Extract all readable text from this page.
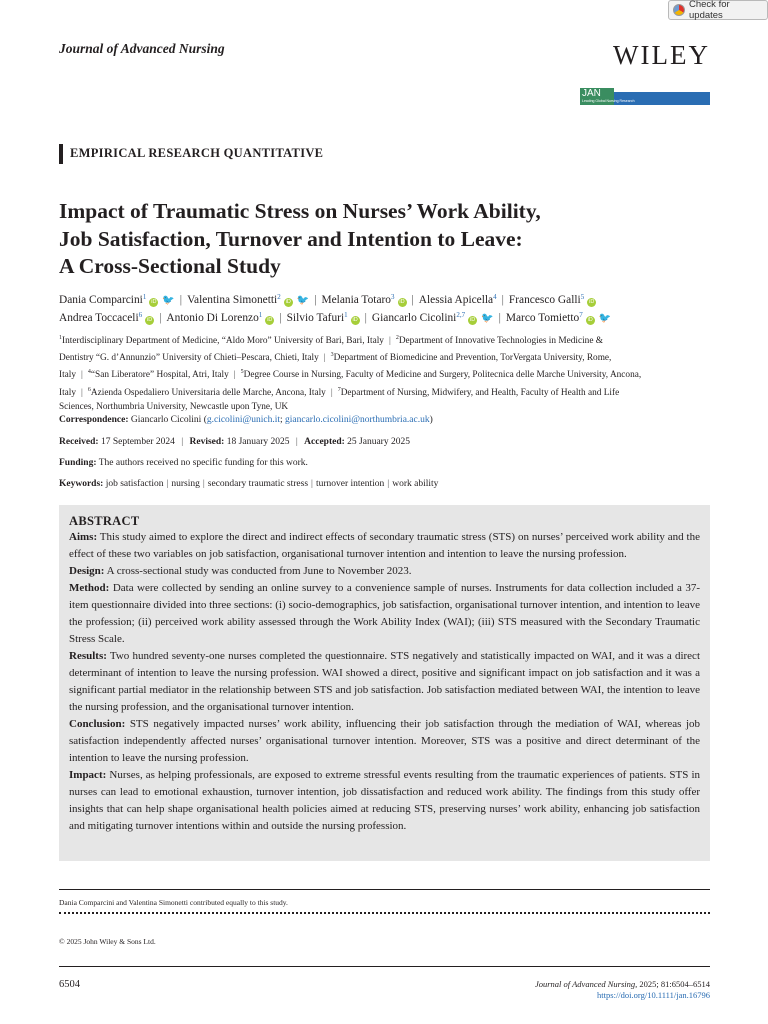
Check for updates
Journal of Advanced Nursing	WILEY
JAN
Leading Global Nursing Research
EMPIRICAL RESEARCH QUANTITATIVE
Impact of Traumatic Stress on Nurses’ Work Ability,
Job Satisfaction, Turnover and Intention to Leave:
A Cross-Sectional Study
Dania Comparcini$^1$iD 🐦 | Valentina Simonetti$^2$iD 🐦 | Melania Totaro$^3$iD | Alessia Apicella$^4$ | Francesco Galli$^5$iD
Andrea Toccaceli$^6$iD | Antonio Di Lorenzo$^1$iD | Silvio Tafuri$^1$iD | Giancarlo Cicolini$^{2,7}$iD 🐦 | Marco Tomietto$^7$iD 🐦
$^1$Interdisciplinary Department of Medicine, “Aldo Moro” University of Bari, Bari, Italy | $^2$Department of Innovative Technologies in Medicine &
Dentistry “G. d’Annunzio” University of Chieti–Pescara, Chieti, Italy | $^3$Department of Biomedicine and Prevention, TorVergata University, Rome,
Italy | $^4$“San Liberatore” Hospital, Atri, Italy | $^5$Degree Course in Nursing, Faculty of Medicine and Surgery, Politecnica delle Marche University, Ancona,
Italy | $^6$Azienda Ospedaliero Universitaria delle Marche, Ancona, Italy | $^7$Department of Nursing, Midwifery, and Health, Faculty of Health and Life
Sciences, Northumbria University, Newcastle upon Tyne, UK
Correspondence: Giancarlo Cicolini (g.cicolini@unich.it; giancarlo.cicolini@northumbria.ac.uk)
Received: 17 September 2024 | Revised: 18 January 2025 | Accepted: 25 January 2025
Funding: The authors received no specific funding for this work.
Keywords: job satisfaction | nursing | secondary traumatic stress | turnover intention | work ability
ABSTRACT

Aims: This study aimed to explore the direct and indirect effects of secondary traumatic stress (STS) on nurses’ perceived work ability and the effect of these two variables on job satisfaction, organisational turnover intention and intention to leave the nursing profession.

Design: A cross-sectional study was conducted from June to November 2023.

Method: Data were collected by sending an online survey to a convenience sample of nurses. Instruments for data collection included a 37-item questionnaire divided into three sections: (i) socio-demographics, job satisfaction, organisational turnover intention, and intention to leave the profession; (ii) perceived work ability assessed through the Work Ability Index (WAI); (iii) STS measured with the Secondary Traumatic Stress Scale.

Results: Two hundred seventy-one nurses completed the questionnaire. STS negatively and statistically impacted on WAI, and it was a direct determinant of intention to leave the nursing profession. WAI showed a direct, positive and significant impact on job satisfaction and it was a significant partial mediator in the relationship between STS and job satisfaction. Job satisfaction mediated between WAI, the intention to leave the nursing profession, and the organisational turnover intention.

Conclusion: STS negatively impacted nurses’ work ability, influencing their job satisfaction through the mediation of WAI, whereas job satisfaction independently affected nurses’ organisational turnover intention. Moreover, STS was a positive and direct determinant of the intention to leave the nursing profession.

Impact: Nurses, as helping professionals, are exposed to extreme stressful events resulting from the traumatic experiences of patients. STS in nurses can lead to emotional exhaustion, turnover intention, job dissatisfaction and reduced work ability. The findings from this study offer insights that can help shape organisational health policies aimed at reducing STS, preserving nurses’ work ability, enhancing job satisfaction and mitigating turnover intentions within and outside the nursing profession.

Dania Comparcini and Valentina Simonetti contributed equally to this study.
© 2025 John Wiley & Sons Ltd.
6504	Journal of Advanced Nursing, 2025; 81:6504–6514
https://doi.org/10.1111/jan.16796
